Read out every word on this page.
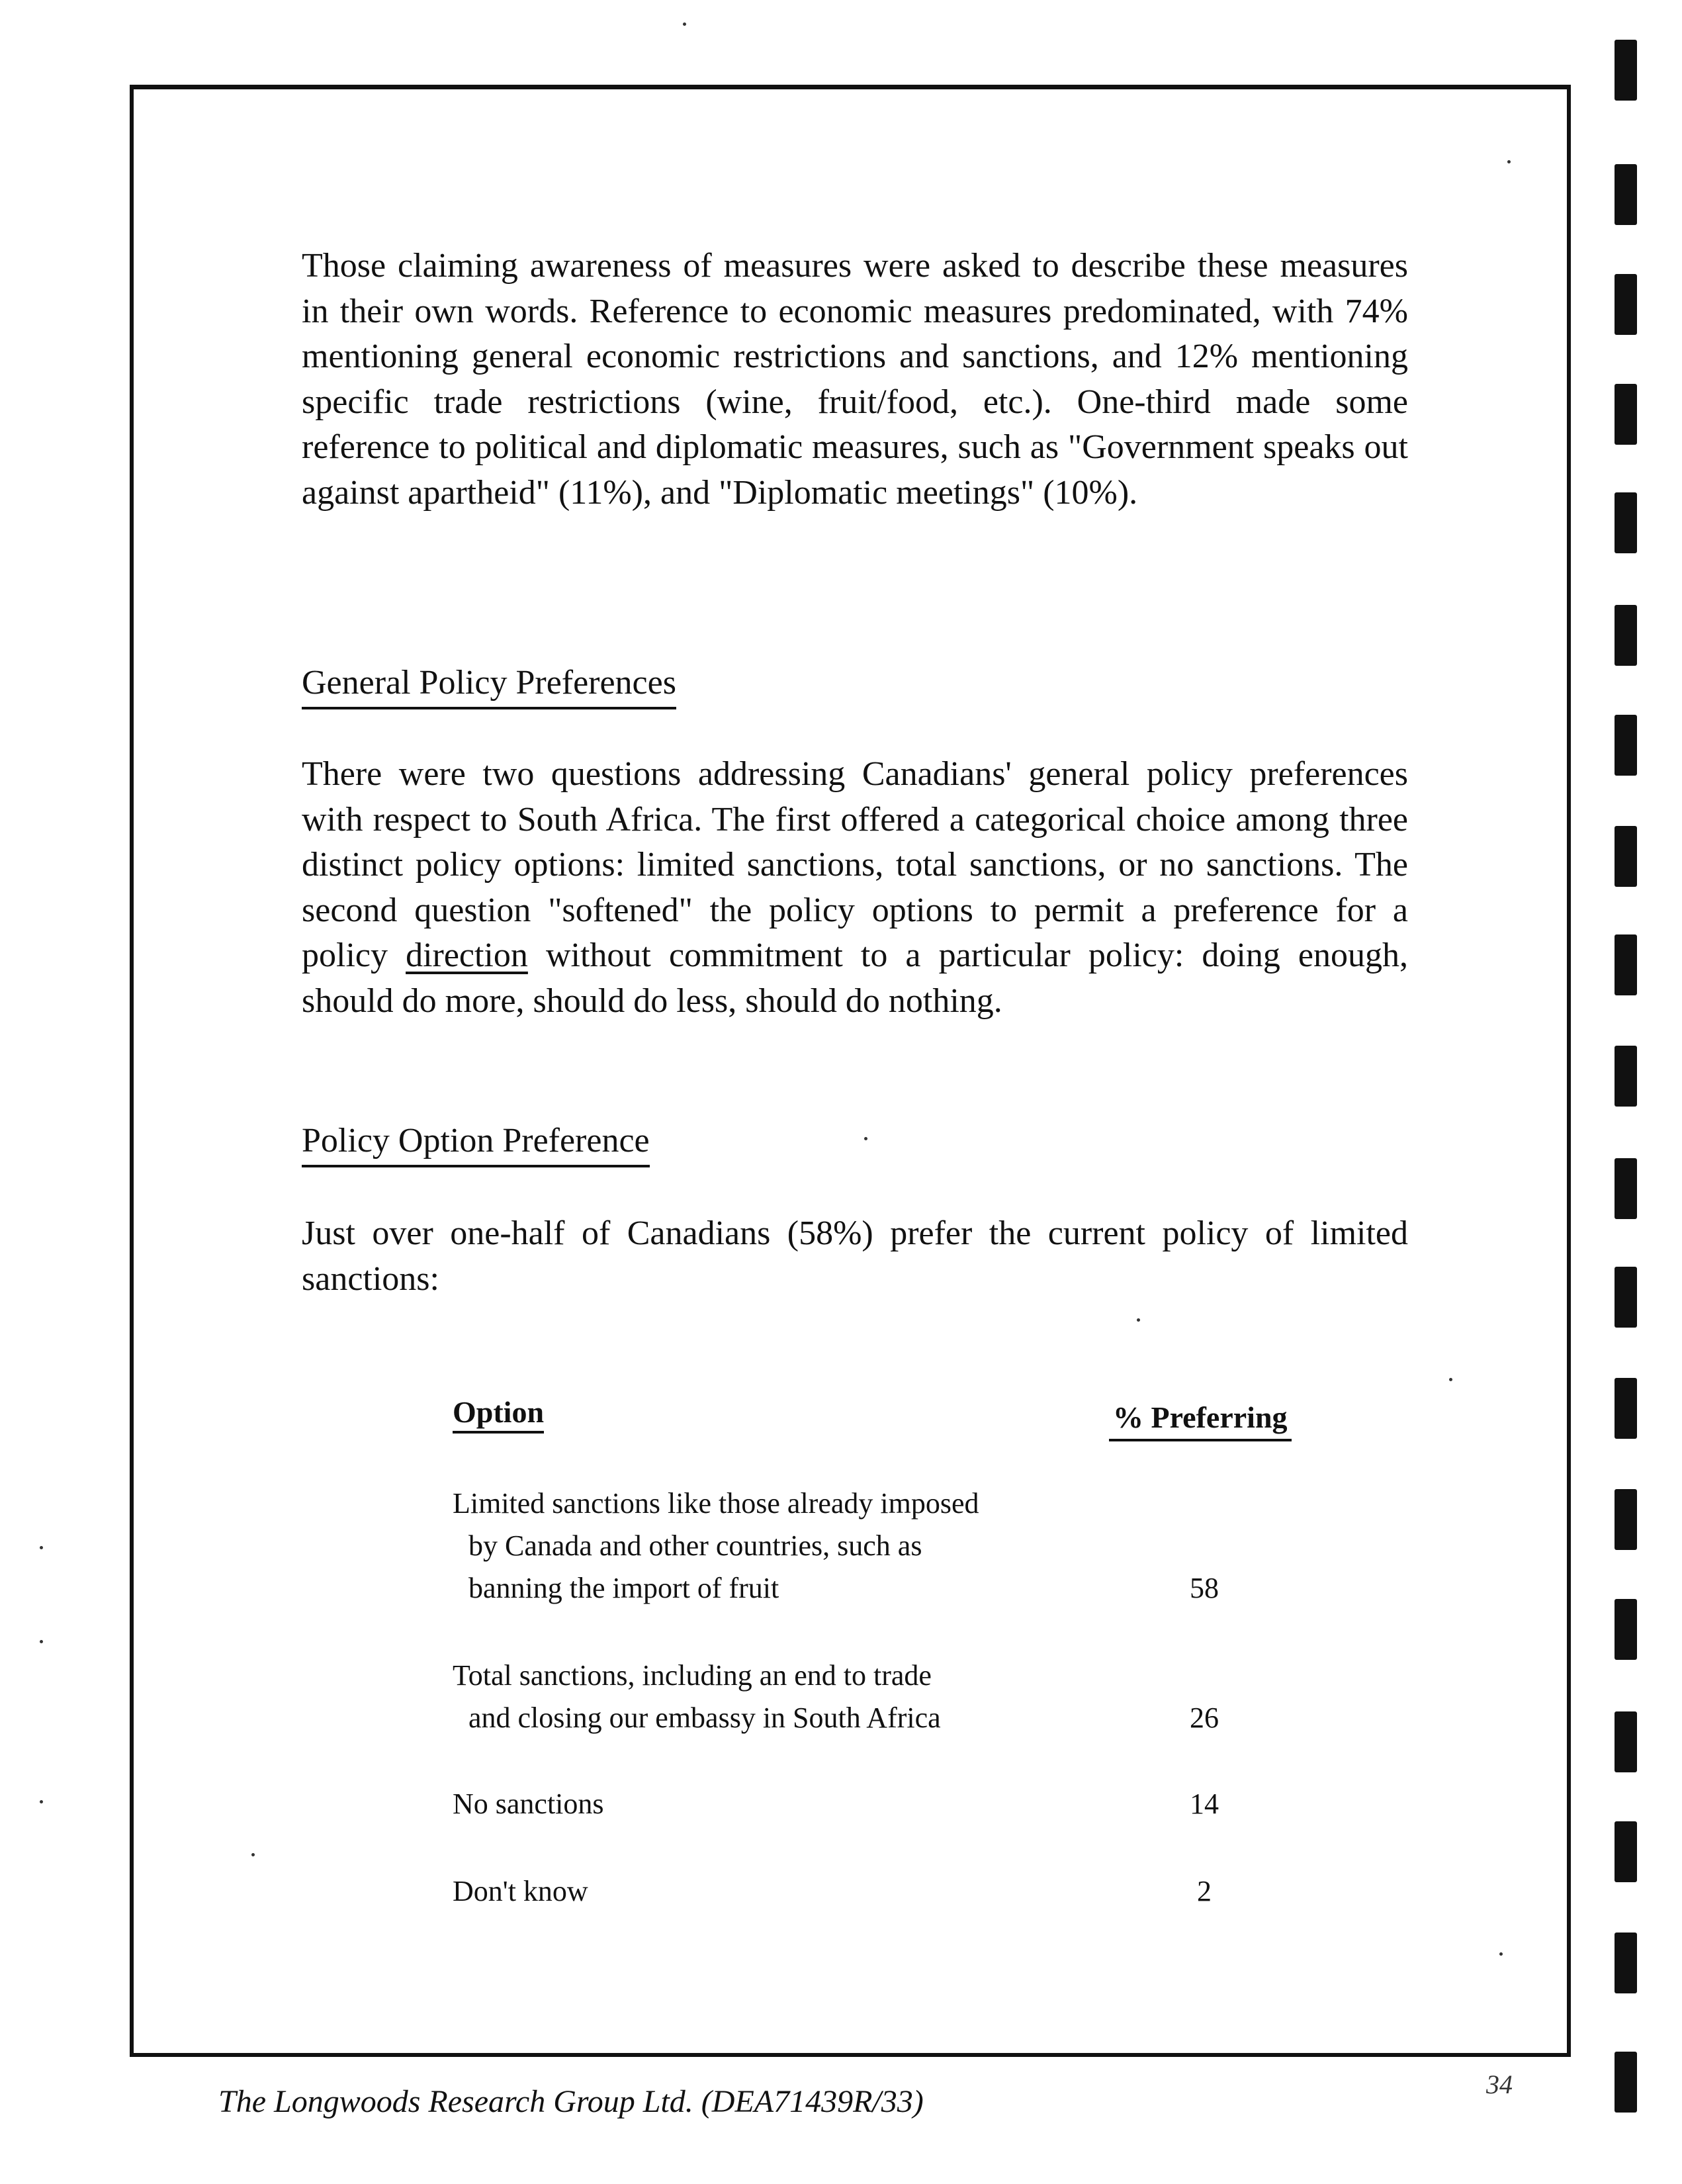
Those claiming awareness of measures were asked to describe these measures in their own words. Reference to economic measures predominated, with 74% mentioning general economic restrictions and sanctions, and 12% mentioning specific trade restrictions (wine, fruit/food, etc.). One-third made some reference to political and diplomatic measures, such as "Government speaks out against apartheid" (11%), and "Diplomatic meetings" (10%).

General Policy Preferences

There were two questions addressing Canadians' general policy preferences with respect to South Africa. The first offered a categorical choice among three distinct policy options: limited sanctions, total sanctions, or no sanctions. The second question "softened" the policy options to permit a preference for a policy direction without commitment to a particular policy: doing enough, should do more, should do less, should do nothing.

Policy Option Preference

Just over one-half of Canadians (58%) prefer the current policy of limited sanctions:

Option	% Preferring

Limited sanctions like those already imposed
by Canada and other countries, such as
banning the import of fruit	58

Total sanctions, including an end to trade
and closing our embassy in South Africa	26

No sanctions	14

Don't know	2
The Longwoods Research Group Ltd. (DEA71439R/33)	34
